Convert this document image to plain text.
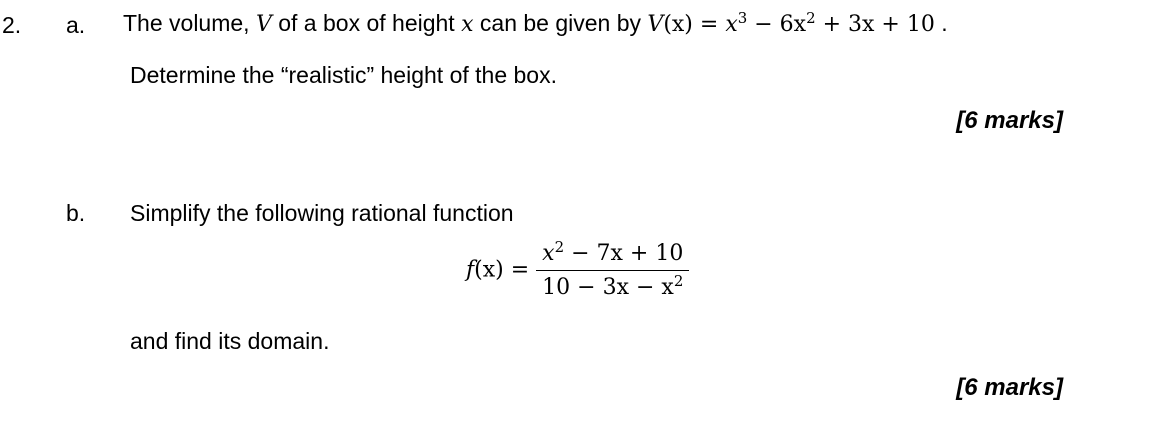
2. a. The volume, V of a box of height x can be given by $V(x) = x^3 - 6x^2 + 3x + 10$ .
Determine the “realistic” height of the box.
[6 marks]
b. Simplify the following rational function
$f(x) = \frac{x^2 - 7x + 10}{10 - 3x - x^2}$
and find its domain.
[6 marks]
